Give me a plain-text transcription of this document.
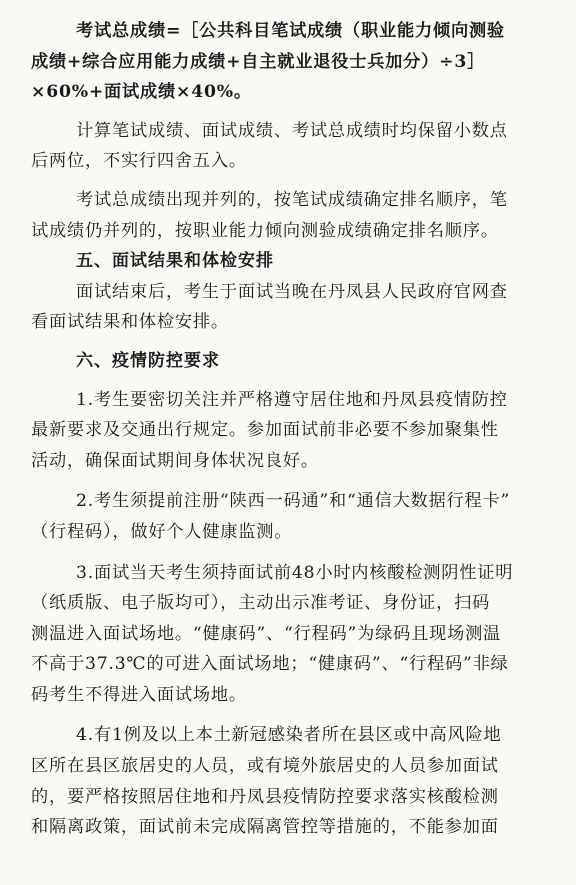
考试总成绩=［公共科目笔试成绩（职业能力倾向测验
成绩+综合应用能力成绩+自主就业退役士兵加分）÷3］
×60%+面试成绩×40%。
计算笔试成绩、面试成绩、考试总成绩时均保留小数点
后两位，不实行四舍五入。
考试总成绩出现并列的，按笔试成绩确定排名顺序，笔
试成绩仍并列的，按职业能力倾向测验成绩确定排名顺序。
五、面试结果和体检安排
面试结束后，考生于面试当晚在丹凤县人民政府官网查
看面试结果和体检安排。
六、疫情防控要求
1.考生要密切关注并严格遵守居住地和丹凤县疫情防控
最新要求及交通出行规定。参加面试前非必要不参加聚集性
活动，确保面试期间身体状况良好。
2.考生须提前注册“陕西一码通”和“通信大数据行程卡”
（行程码），做好个人健康监测。
3.面试当天考生须持面试前48小时内核酸检测阴性证明
（纸质版、电子版均可），主动出示准考证、身份证，扫码
测温进入面试场地。“健康码”、“行程码”为绿码且现场测温
不高于37.3℃的可进入面试场地；“健康码”、“行程码”非绿
码考生不得进入面试场地。
4.有1例及以上本土新冠感染者所在县区或中高风险地
区所在县区旅居史的人员，或有境外旅居史的人员参加面试
的，要严格按照居住地和丹凤县疫情防控要求落实核酸检测
和隔离政策，面试前未完成隔离管控等措施的，不能参加面
